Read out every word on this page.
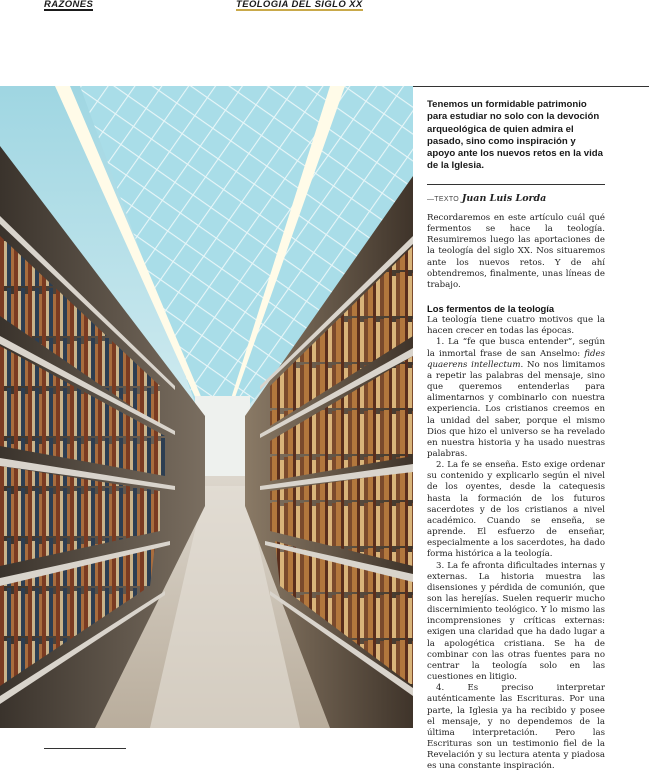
RAZONES	TEOLOGÍA DEL SIGLO XX
Tenemos un formidable patrimonio para estudiar no solo con la devoción arqueológica de quien admira el pasado, sino como inspiración y apoyo ante los nuevos retos en la vida de la Iglesia.
—TEXTO Juan Luis Lorda

Recordaremos en este artículo cuál qué fermentos se hace la teología. Resumiremos luego las aportaciones de la teología del siglo XX. Nos situaremos ante los nuevos retos. Y de ahí obtendremos, finalmente, unas líneas de trabajo.

Los fermentos de la teología

La teología tiene cuatro motivos que la hacen crecer en todas las épocas.

1. La “fe que busca entender”, según la inmortal frase de san Anselmo: fides quaerens intellectum. No nos limitamos a repetir las palabras del mensaje, sino que queremos entenderlas para alimentarnos y combinarlo con nuestra experiencia. Los cristianos creemos en la unidad del saber, porque el mismo Dios que hizo el universo se ha revelado en nuestra historia y ha usado nuestras palabras.

2. La fe se enseña. Esto exige ordenar su contenido y explicarlo según el nivel de los oyentes, desde la catequesis hasta la formación de los futuros sacerdotes y de los cristianos a nivel académico. Cuando se enseña, se aprende. El esfuerzo de enseñar, especialmente a los sacerdotes, ha dado forma histórica a la teología.

3. La fe afronta dificultades internas y externas. La historia muestra las disensiones y pérdida de comunión, que son las herejías. Suelen requerir mucho discernimiento teológico. Y lo mismo las incomprensiones y críticas externas: exigen una claridad que ha dado lugar a la apologética cristiana. Se ha de combinar con las otras fuentes para no centrar la teología solo en las cuestiones en litigio.

4. Es preciso interpretar auténticamente las Escrituras. Por una parte, la Iglesia ya ha recibido y posee el mensaje, y no dependemos de la última interpretación. Pero las Escrituras son un testimonio fiel de la Revelación y su lectura atenta y piadosa es una constante inspiración.
